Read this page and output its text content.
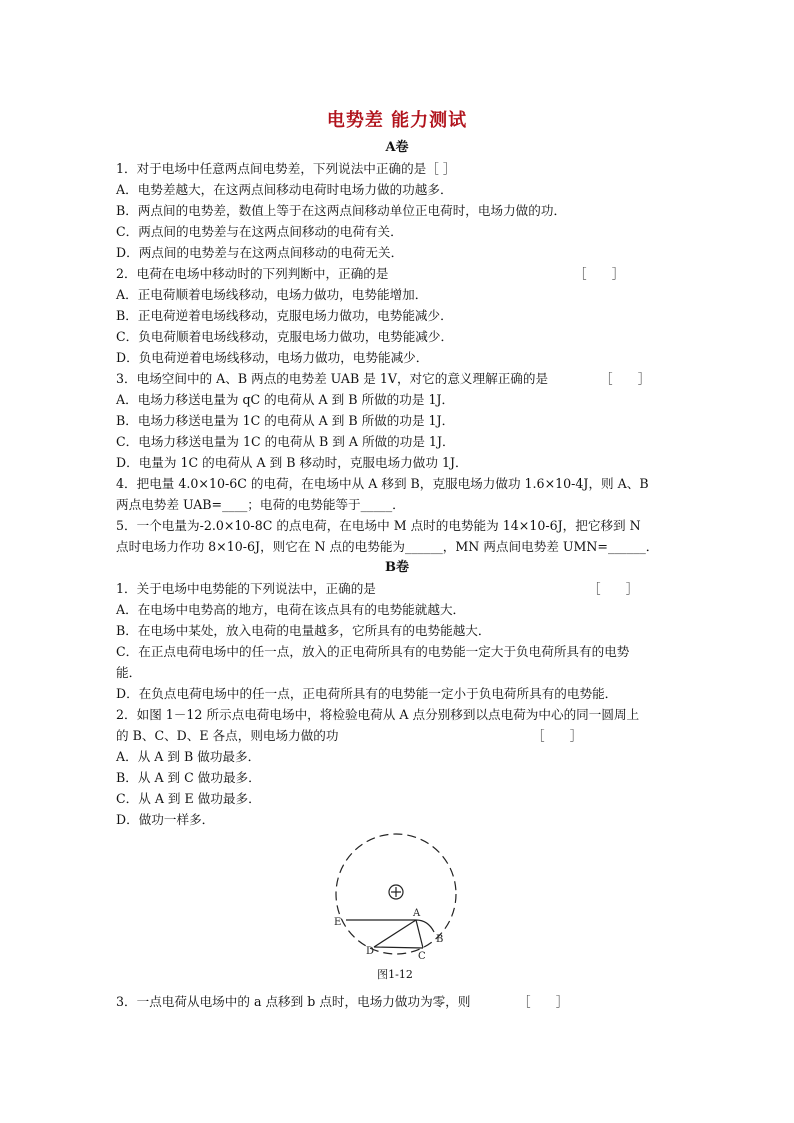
电势差 能力测试
A卷
1．对于电场中任意两点间电势差，下列说法中正确的是［ ］
A．电势差越大，在这两点间移动电荷时电场力做的功越多．
B．两点间的电势差，数值上等于在这两点间移动单位正电荷时，电场力做的功．
C．两点间的电势差与在这两点间移动的电荷有关．
D．两点间的电势差与在这两点间移动的电荷无关．
2．电荷在电场中移动时的下列判断中，正确的是	［　　］
A．正电荷顺着电场线移动，电场力做功，电势能增加．
B．正电荷逆着电场线移动，克服电场力做功，电势能减少．
C．负电荷顺着电场线移动，克服电场力做功，电势能减少．
D．负电荷逆着电场线移动，电场力做功，电势能减少．
3．电场空间中的 A、B 两点的电势差 UAB 是 1V，对它的意义理解正确的是	［　　］
A．电场力移送电量为 qC 的电荷从 A 到 B 所做的功是 1J．
B．电场力移送电量为 1C 的电荷从 A 到 B 所做的功是 1J．
C．电场力移送电量为 1C 的电荷从 B 到 A 所做的功是 1J．
D．电量为 1C 的电荷从 A 到 B 移动时，克服电场力做功 1J．
4．把电量 4.0×10-6C 的电荷，在电场中从 A 移到 B，克服电场力做功 1.6×10-4J，则 A、B
两点电势差 UAB=____；电荷的电势能等于_____．
5．一个电量为-2.0×10-8C 的点电荷，在电场中 M 点时的电势能为 14×10-6J，把它移到 N
点时电场力作功 8×10-6J，则它在 N 点的电势能为______，MN 两点间电势差 UMN=______．
B卷
1．关于电场中电势能的下列说法中，正确的是	［　　］
A．在电场中电势高的地方，电荷在该点具有的电势能就越大．
B．在电场中某处，放入电荷的电量越多，它所具有的电势能越大．
C．在正点电荷电场中的任一点，放入的正电荷所具有的电势能一定大于负电荷所具有的电势
能．
D．在负点电荷电场中的任一点，正电荷所具有的电势能一定小于负电荷所具有的电势能．
2．如图 1－12 所示点电荷电场中，将检验电荷从 A 点分别移到以点电荷为中心的同一圆周上
的 B、C、D、E 各点，则电场力做的功	［　　］
A．从 A 到 B 做功最多．
B．从 A 到 C 做功最多．
C．从 A 到 E 做功最多．
D．做功一样多．
A
B
C
D
E
图1-12
3．一点电荷从电场中的 a 点移到 b 点时，电场力做功为零，则	［　　］
